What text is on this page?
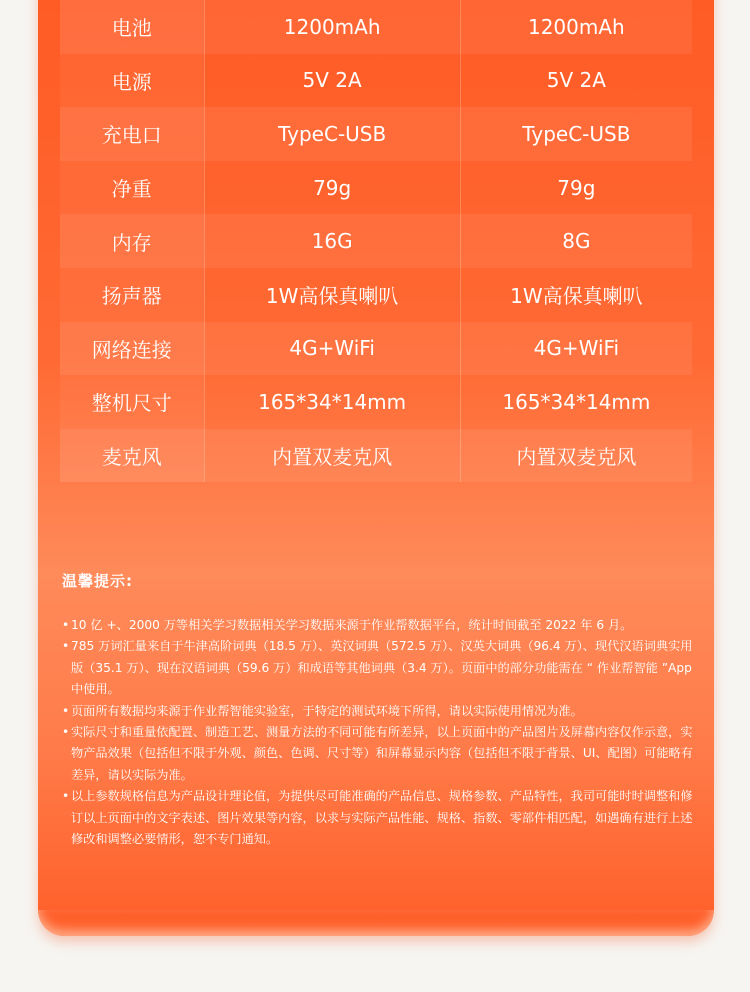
电池	1200mAh	1200mAh
电源	5V 2A	5V 2A
充电口	TypeC-USB	TypeC-USB
净重	79g	79g
内存	16G	8G
扬声器	1W高保真喇叭	1W高保真喇叭
网络连接	4G+WiFi	4G+WiFi
整机尺寸	165*34*14mm	165*34*14mm
麦克风	内置双麦克风	内置双麦克风
温馨提示:
• 10 亿 +、2000 万等相关学习数据相关学习数据来源于作业帮数据平台，统计时间截至 2022 年 6 月。
• 785 万词汇量来自于牛津高阶词典（18.5 万）、英汉词典（572.5 万）、汉英大词典（96.4 万）、现代汉语词典实用版（35.1 万）、现在汉语词典（59.6 万）和成语等其他词典（3.4 万）。页面中的部分功能需在 “ 作业帮智能 ”App 中使用。
• 页面所有数据均来源于作业帮智能实验室，于特定的测试环境下所得，请以实际使用情况为准。
• 实际尺寸和重量依配置、制造工艺、测量方法的不同可能有所差异，以上页面中的产品图片及屏幕内容仅作示意，实物产品效果（包括但不限于外观、颜色、色调、尺寸等）和屏幕显示内容（包括但不限于背景、UI、配图）可能略有差异，请以实际为准。
• 以上参数规格信息为产品设计理论值，为提供尽可能准确的产品信息、规格参数、产品特性，我司可能时时调整和修订以上页面中的文字表述、图片效果等内容，以求与实际产品性能、规格、指数、零部件相匹配，如遇确有进行上述修改和调整必要情形，恕不专门通知。
